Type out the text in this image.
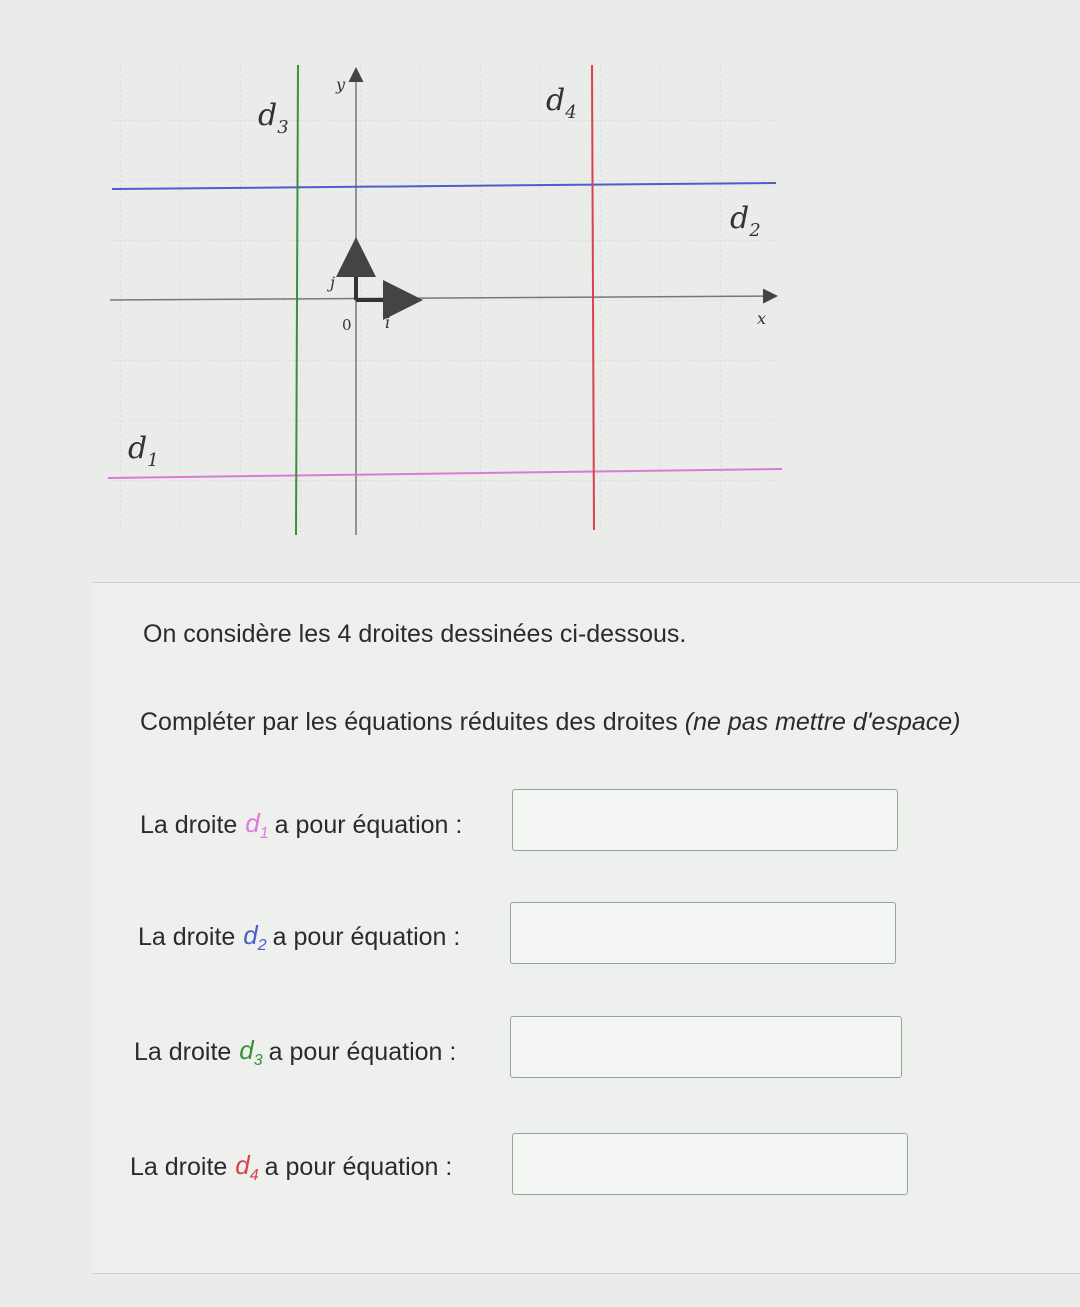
y
x
0 i
j
$d_1$
$d_2$
$d_3$
$d_4$
On considère les 4 droites dessinées ci-dessous.
Compléter par les équations réduites des droites (ne pas mettre d'espace)
La droite $d_1$ a pour équation :
La droite $d_2$ a pour équation :
La droite $d_3$ a pour équation :
La droite $d_4$ a pour équation :
